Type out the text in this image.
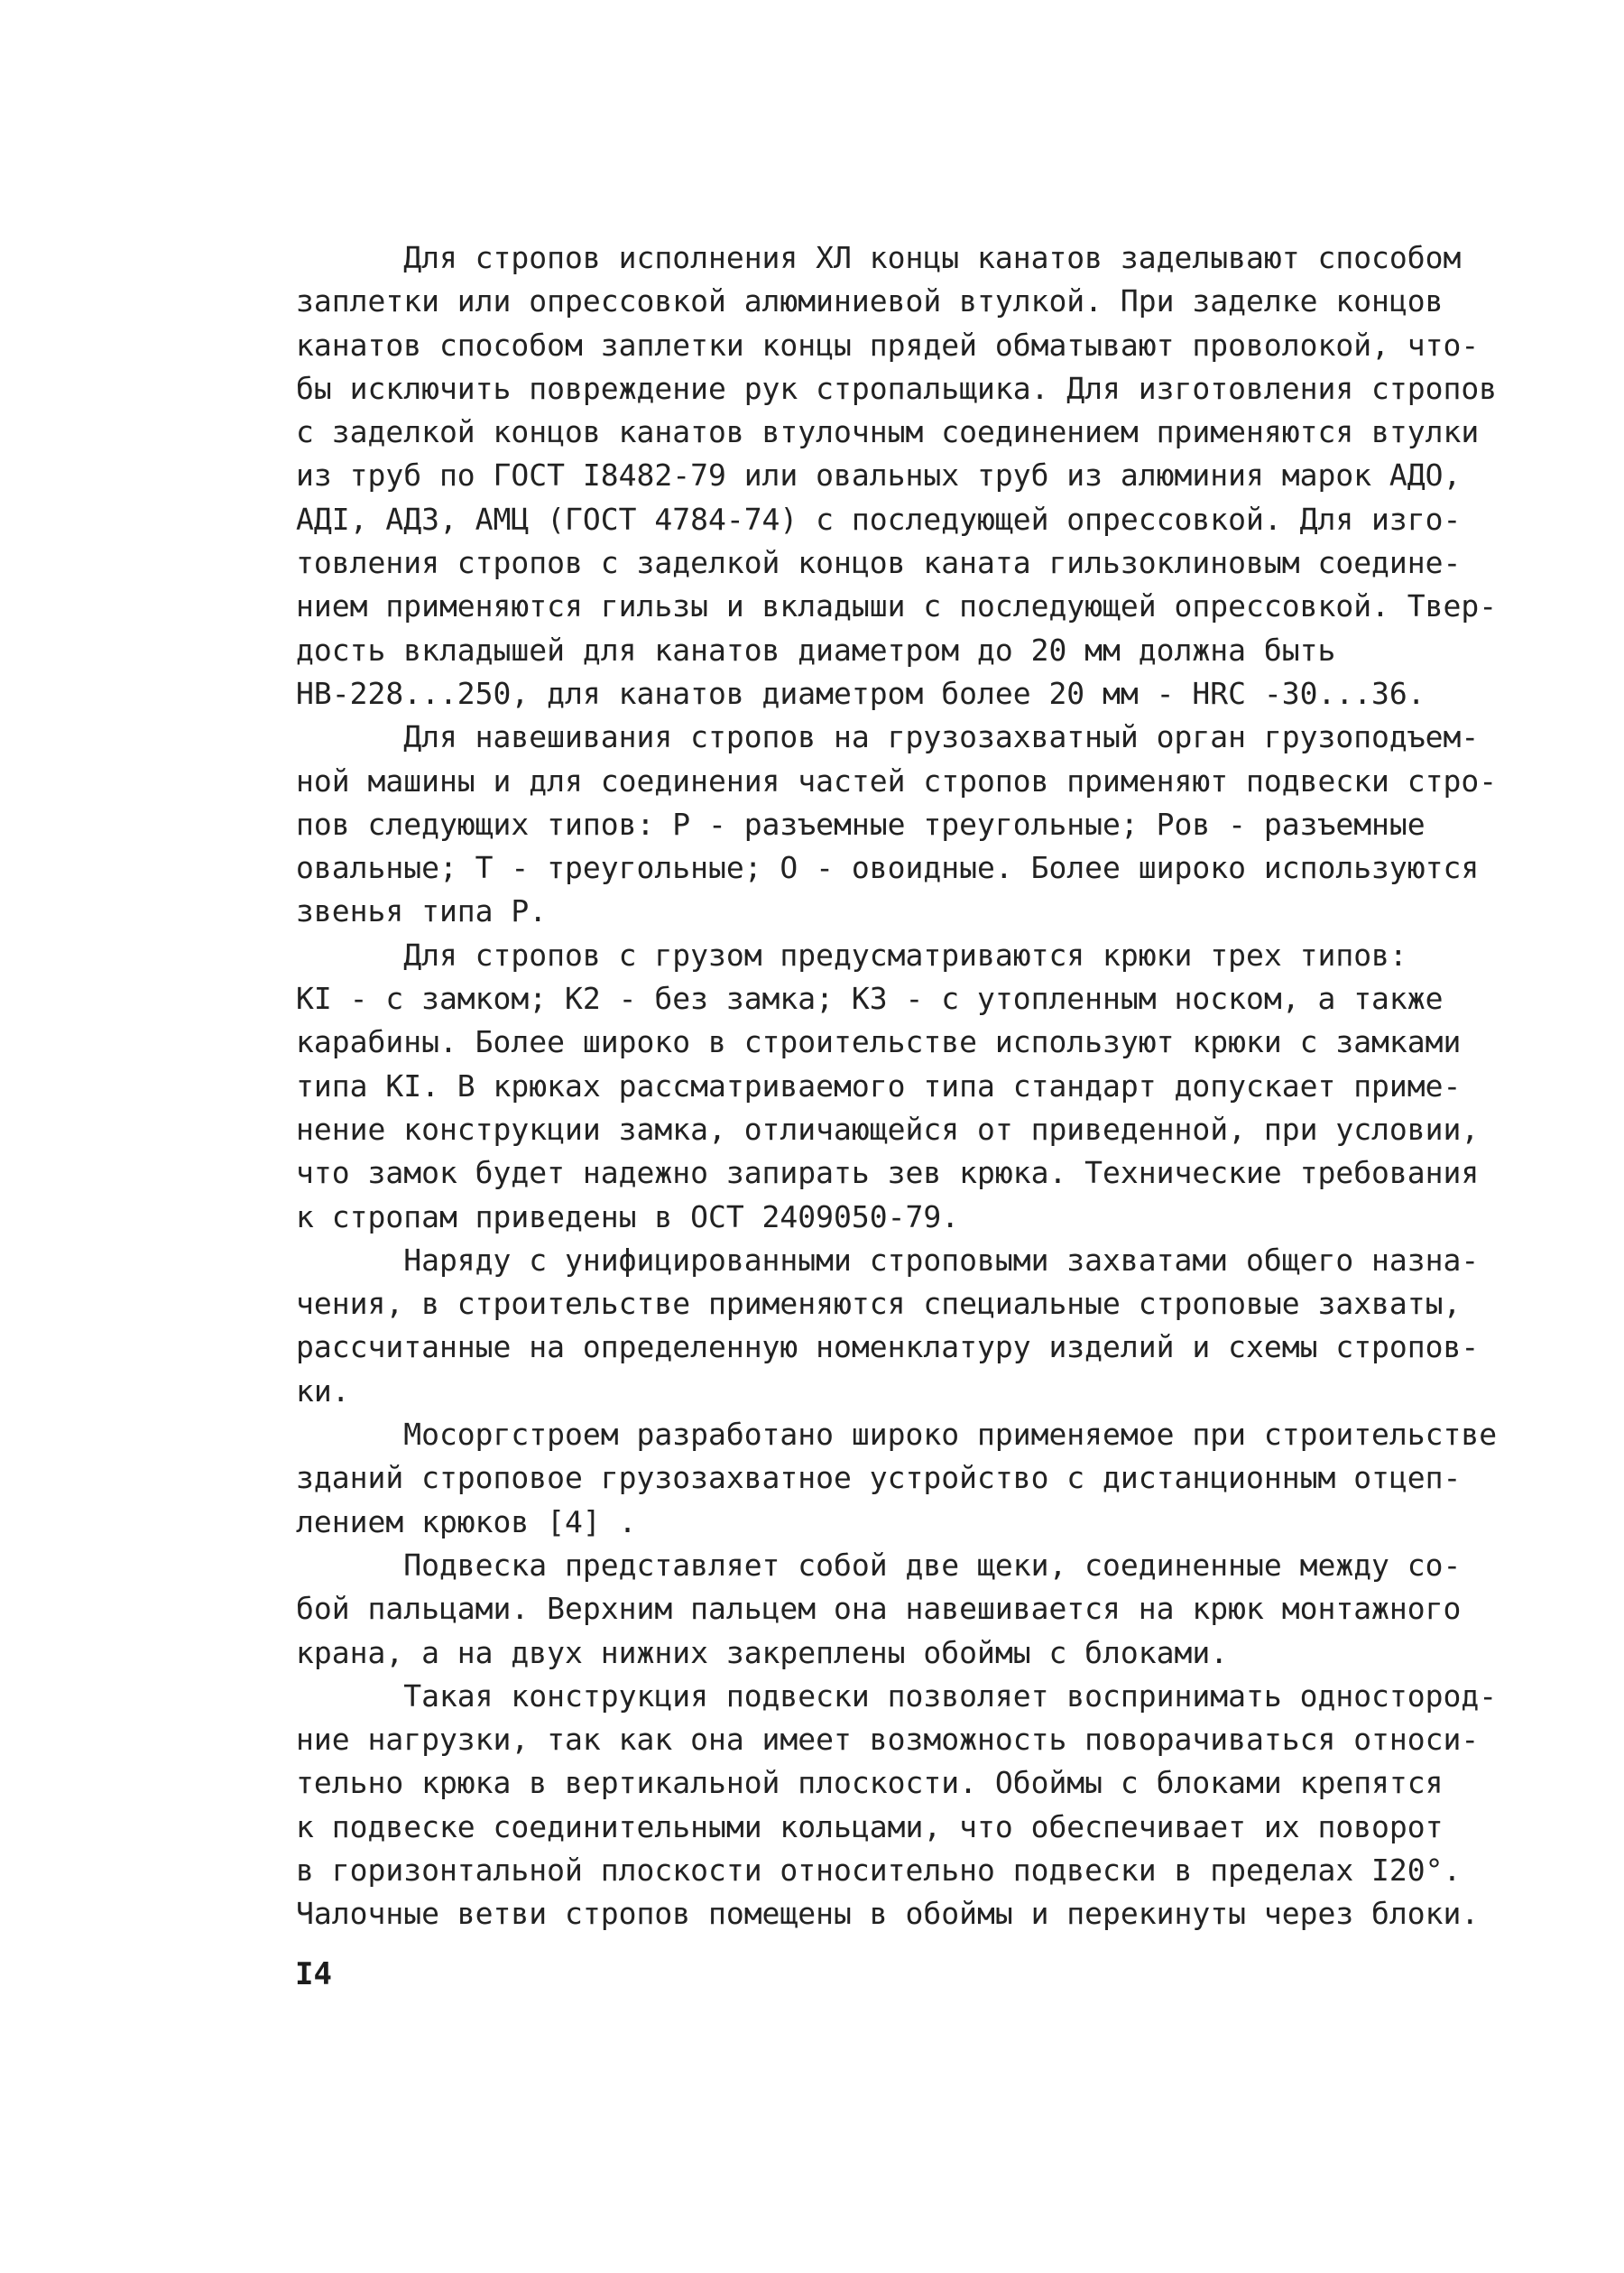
Для стропов исполнения ХЛ концы канатов заделывают способом
заплетки или опрессовкой алюминиевой втулкой. При заделке концов
канатов способом заплетки концы прядей обматывают проволокой, что-
бы исключить повреждение рук стропальщика. Для изготовления стропов
с заделкой концов канатов втулочным соединением применяются втулки
из труб по ГОСТ I8482-79 или овальных труб из алюминия марок АДО,
АДI, АДЗ, АМЦ (ГОСТ 4784-74) с последующей опрессовкой. Для изго-
товления стропов с заделкой концов каната гильзоклиновым соедине-
нием применяются гильзы и вкладыши с последующей опрессовкой. Твер-
дость вкладышей для канатов диаметром до 20 мм должна быть
НВ-228...250, для канатов диаметром более 20 мм - HRC -30...36.
Для навешивания стропов на грузозахватный орган грузоподъем-
ной машины и для соединения частей стропов применяют подвески стро-
пов следующих типов: Р - разъемные треугольные; Pов - разъемные
овальные; Т - треугольные; О - овоидные. Более широко используются
звенья типа Р.
Для стропов с грузом предусматриваются крюки трех типов:
КI - с замком; К2 - без замка; К3 - с утопленным носком, а также
карабины. Более широко в строительстве используют крюки с замками
типа КI. В крюках рассматриваемого типа стандарт допускает приме-
нение конструкции замка, отличающейся от приведенной, при условии,
что замок будет надежно запирать зев крюка. Технические требования
к стропам приведены в ОСТ 2409050-79.
Наряду с унифицированными строповыми захватами общего назна-
чения, в строительстве применяются специальные строповые захваты,
рассчитанные на определенную номенклатуру изделий и схемы стропов-
ки.
Мосоргстроем разработано широко применяемое при строительстве
зданий строповое грузозахватное устройство с дистанционным отцеп-
лением крюков [4] .
Подвеска представляет собой две щеки, соединенные между со-
бой пальцами. Верхним пальцем она навешивается на крюк монтажного
крана, а на двух нижних закреплены обоймы с блоками.
Такая конструкция подвески позволяет воспринимать одностород-
ние нагрузки, так как она имеет возможность поворачиваться относи-
тельно крюка в вертикальной плоскости. Обоймы с блоками крепятся
к подвеске соединительными кольцами, что обеспечивает их поворот
в горизонтальной плоскости относительно подвески в пределах I20°.
Чалочные ветви стропов помещены в обоймы и перекинуты через блоки.
I4
